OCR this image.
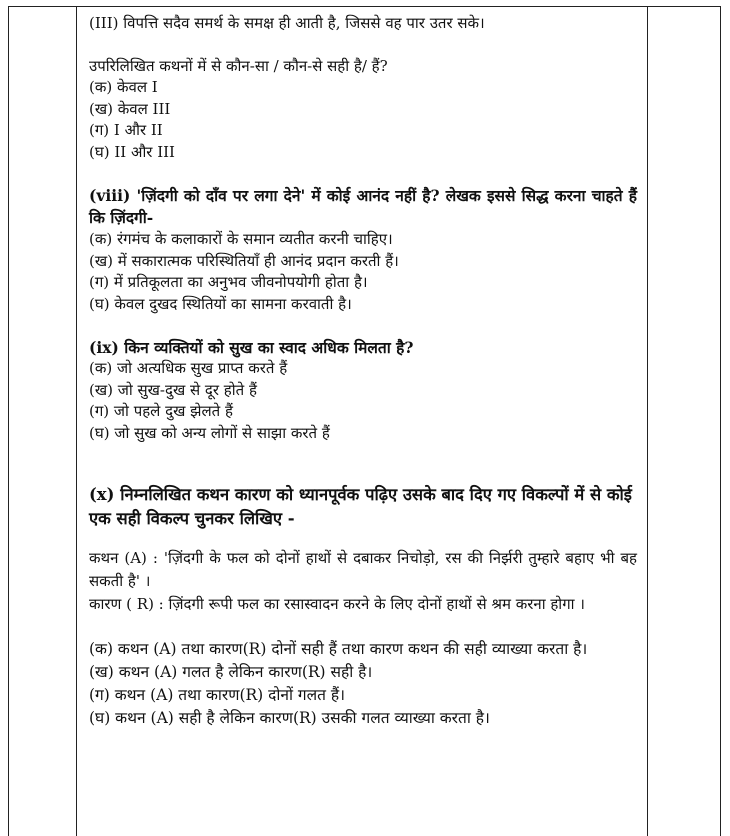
(III) विपत्ति सदैव समर्थ के समक्ष ही आती है, जिससे वह पार उतर सके।

उपरिलिखित कथनों में से कौन-सा / कौन-से सही है/ हैं?

(क) केवल I

(ख) केवल III

(ग) I और II

(घ) II और III

(viii) 'ज़िंदगी को दाँव पर लगा देने' में कोई आनंद नहीं है? लेखक इससे सिद्ध करना चाहते हैं कि ज़िंदगी-

(क) रंगमंच के कलाकारों के समान व्यतीत करनी चाहिए।

(ख) में सकारात्मक परिस्थितियाँ ही आनंद प्रदान करती हैं।

(ग) में प्रतिकूलता का अनुभव जीवनोपयोगी होता है।

(घ) केवल दुखद स्थितियों का सामना करवाती है।

(ix) किन व्यक्तियों को सुख का स्वाद अधिक मिलता है?

(क) जो अत्यधिक सुख प्राप्त करते हैं

(ख) जो सुख-दुख से दूर होते हैं

(ग) जो पहले दुख झेलते हैं

(घ) जो सुख को अन्य लोगों से साझा करते हैं

(x) निम्नलिखित कथन कारण को ध्यानपूर्वक पढ़िए उसके बाद दिए गए विकल्पों में से कोई एक सही विकल्प चुनकर लिखिए -

कथन (A) : 'ज़िंदगी के फल को दोनों हाथों से दबाकर निचोड़ो, रस की निर्झरी तुम्हारे बहाए भी बह सकती है' ।

कारण ( R) : ज़िंदगी रूपी फल का रसास्वादन करने के लिए दोनों हाथों से श्रम करना होगा ।

(क) कथन (A) तथा कारण(R) दोनों सही हैं तथा कारण कथन की सही व्याख्या करता है।

(ख) कथन (A) गलत है लेकिन कारण(R) सही है।

(ग) कथन (A) तथा कारण(R) दोनों गलत हैं।

(घ) कथन (A) सही है लेकिन कारण(R) उसकी गलत व्याख्या करता है।
